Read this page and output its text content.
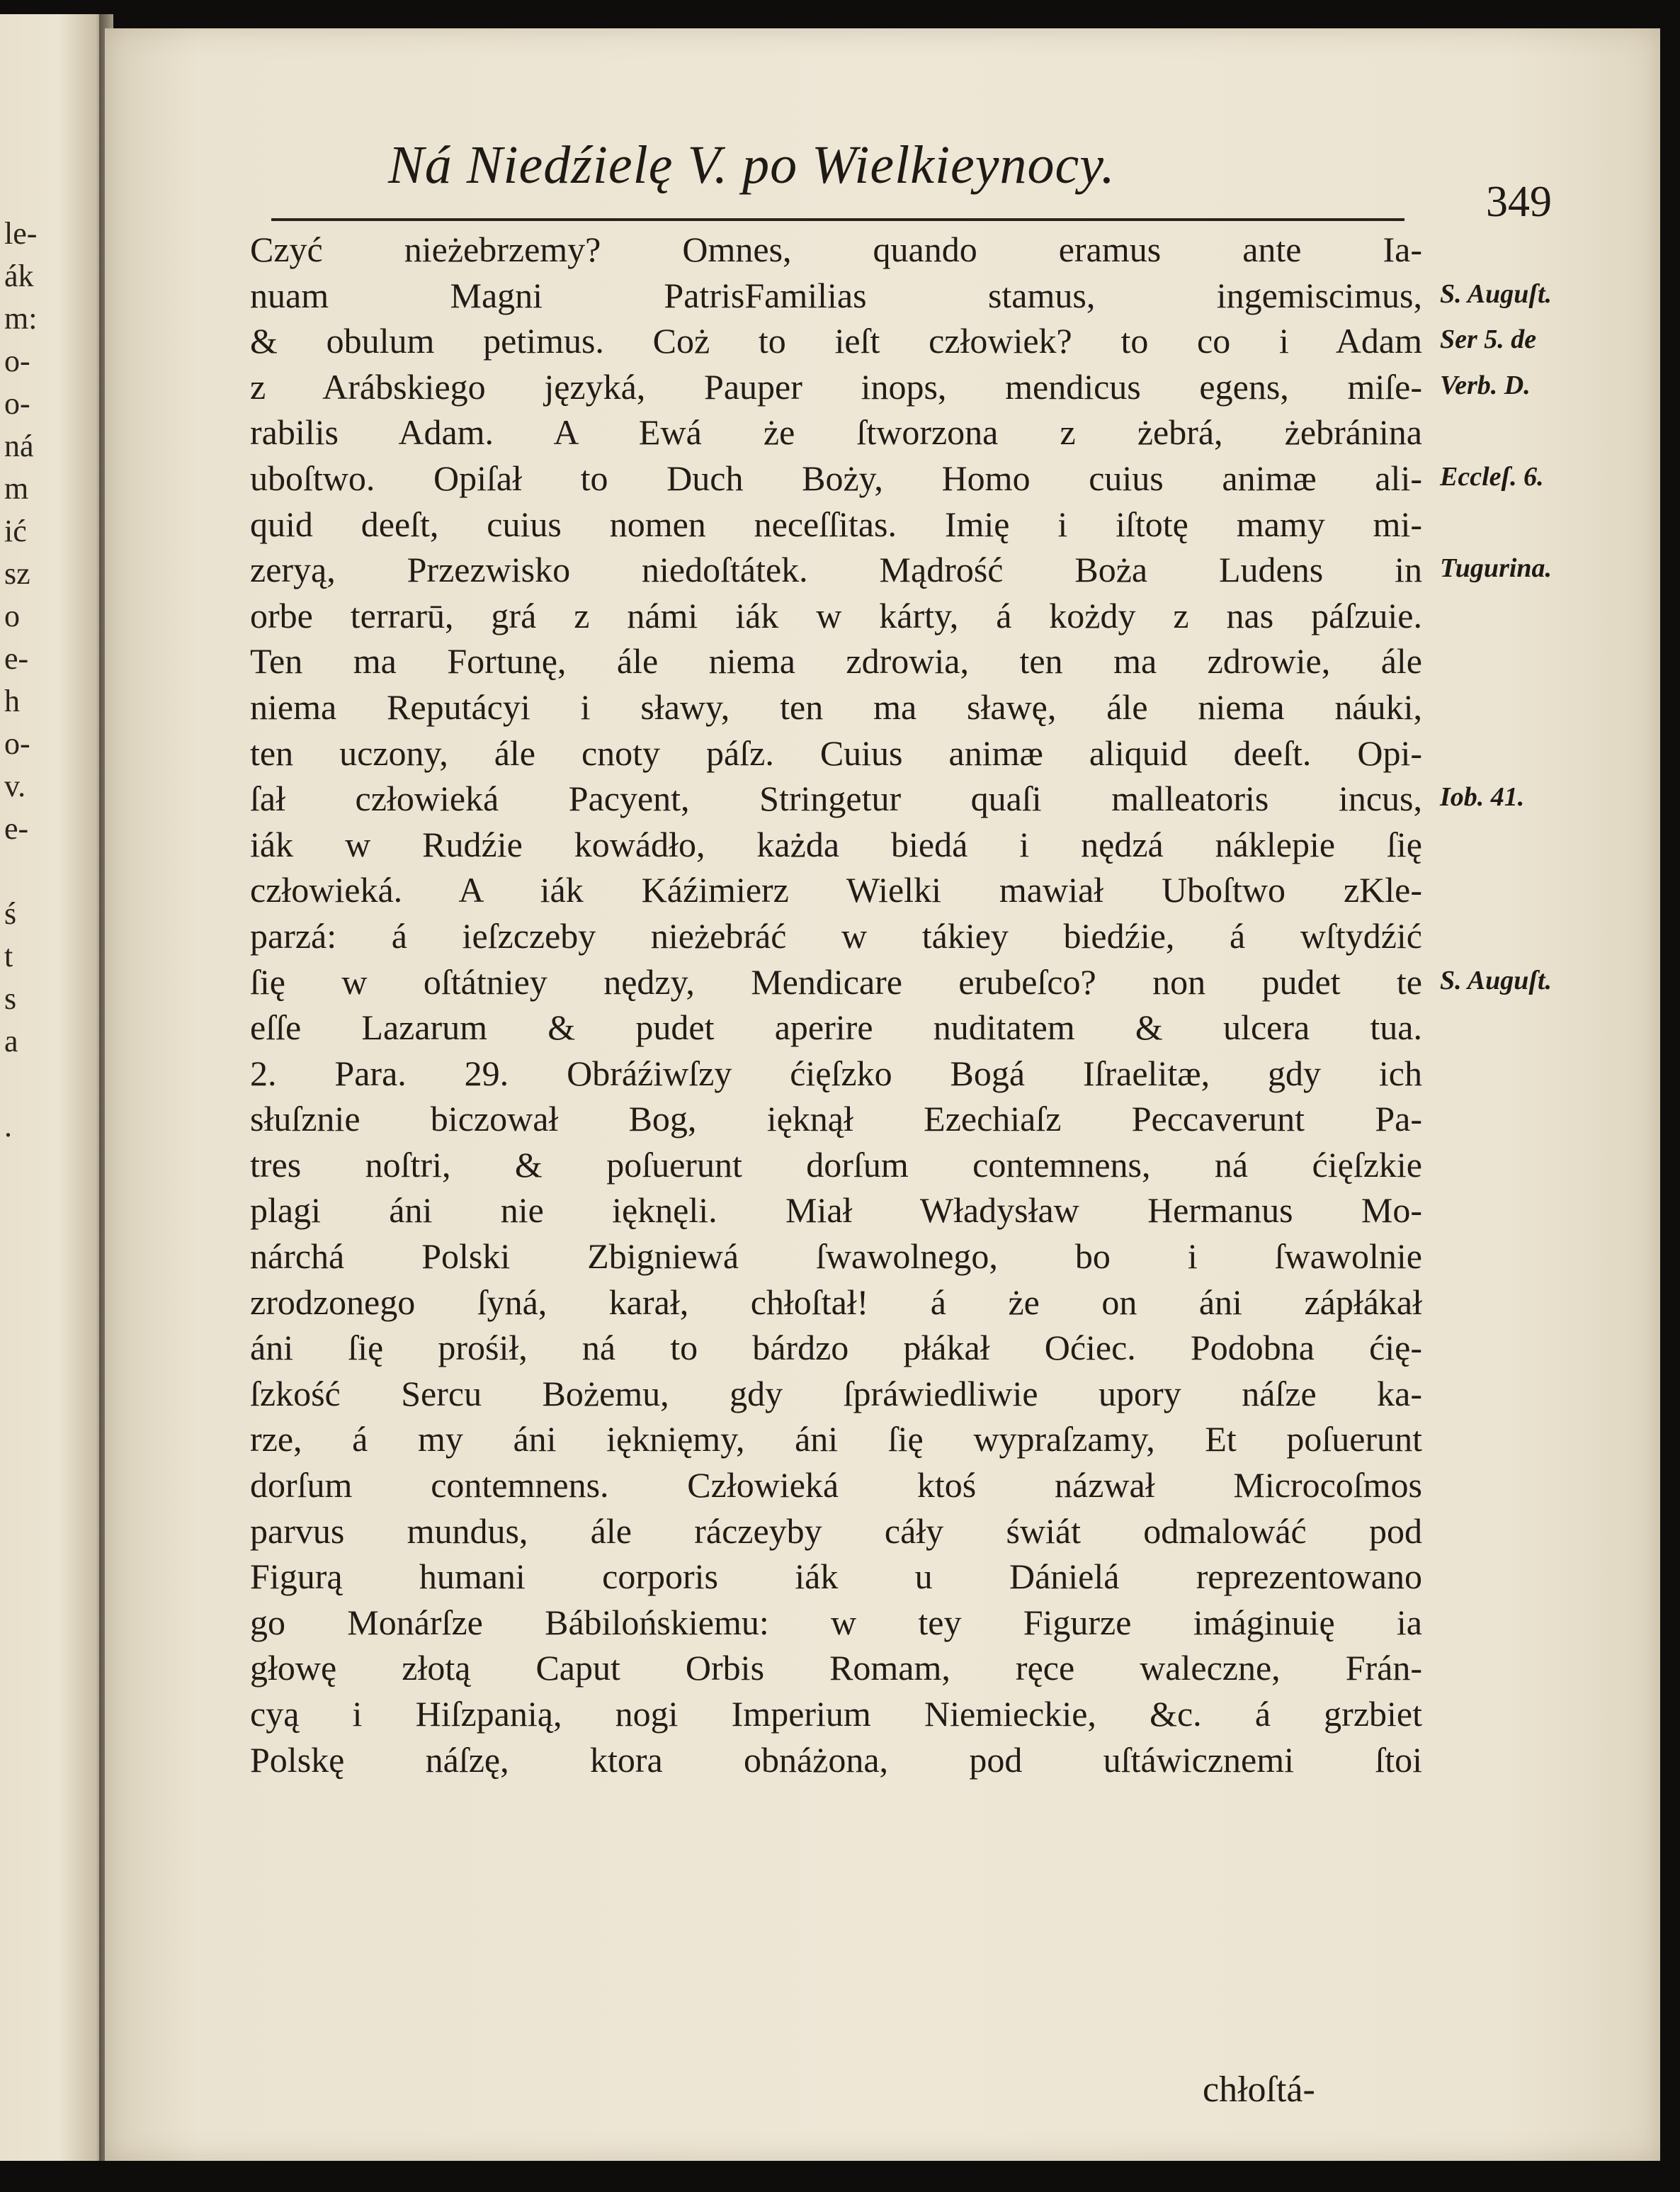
le-
ák
m:
o-
o-
ná
m
ić
sz
o
e-
h
o-
v.
e-
ś
t
s
a
.
Ná Niedźielę V. po Wielkieynocy.
349
Czyć nieżebrzemy? Omnes, quando eramus ante Ia-
nuam Magni PatrisFamilias stamus, ingemiscimus,
& obulum petimus. Coż to ieſt człowiek? to co i Adam
z Arábskiego języká, Pauper inops, mendicus egens, miſe-
rabilis Adam. A Ewá że ſtworzona z żebrá, żebránina
uboſtwo. Opiſał to Duch Boży, Homo cuius animæ ali-
quid deeſt, cuius nomen neceſſitas. Imię i iſtotę mamy mi-
zeryą, Przezwisko niedoſtátek. Mądrość Boża Ludens in
orbe terrarū, grá z námi iák w kárty, á kożdy z nas páſzuie.
Ten ma Fortunę, ále niema zdrowia, ten ma zdrowie, ále
niema Reputácyi i sławy, ten ma sławę, ále niema náuki,
ten uczony, ále cnoty páſz. Cuius animæ aliquid deeſt. Opi-
ſał człowieká Pacyent, Stringetur quaſi malleatoris incus,
iák w Rudźie kowádło, każda biedá i nędzá náklepie ſię
człowieká. A iák Káźimierz Wielki mawiał Uboſtwo zKle-
parzá: á ieſzczeby nieżebráć w tákiey biedźie, á wſtydźić
ſię w oſtátniey nędzy, Mendicare erubeſco? non pudet te
eſſe Lazarum & pudet aperire nuditatem & ulcera tua.
2. Para. 29. Obráźiwſzy ćięſzko Bogá Iſraelitæ, gdy ich
słuſznie biczował Bog, ięknął Ezechiaſz Peccaverunt Pa-
tres noſtri, & poſuerunt dorſum contemnens, ná ćięſzkie
plagi áni nie ięknęli. Miał Władysław Hermanus Mo-
nárchá Polski Zbigniewá ſwawolnego, bo i ſwawolnie
zrodzonego ſyná, karał, chłoſtał! á że on áni zápłákał
áni ſię prośił, ná to bárdzo płákał Oćiec. Podobna ćię-
ſzkość Sercu Bożemu, gdy ſpráwiedliwie upory náſze ka-
rze, á my áni ięknięmy, áni ſię wypraſzamy, Et poſuerunt
dorſum contemnens. Człowieká ktoś názwał Microcoſmos
parvus mundus, ále ráczeyby cáły świát odmalowáć pod
Figurą humani corporis iák u Dánielá reprezentowano
go Monárſze Bábilońskiemu: w tey Figurze imáginuię ia
głowę złotą Caput Orbis Romam, ręce waleczne, Frán-
cyą i Hiſzpanią, nogi Imperium Niemieckie, &c. á grzbiet
Polskę náſzę, ktora obnáżona, pod uſtáwicznemi ſtoi
chłoſtá-
S. Auguſt.
Ser 5. de
Verb. D.
Eccleſ. 6.
Tugurina.
Iob. 41.
S. Auguſt.
